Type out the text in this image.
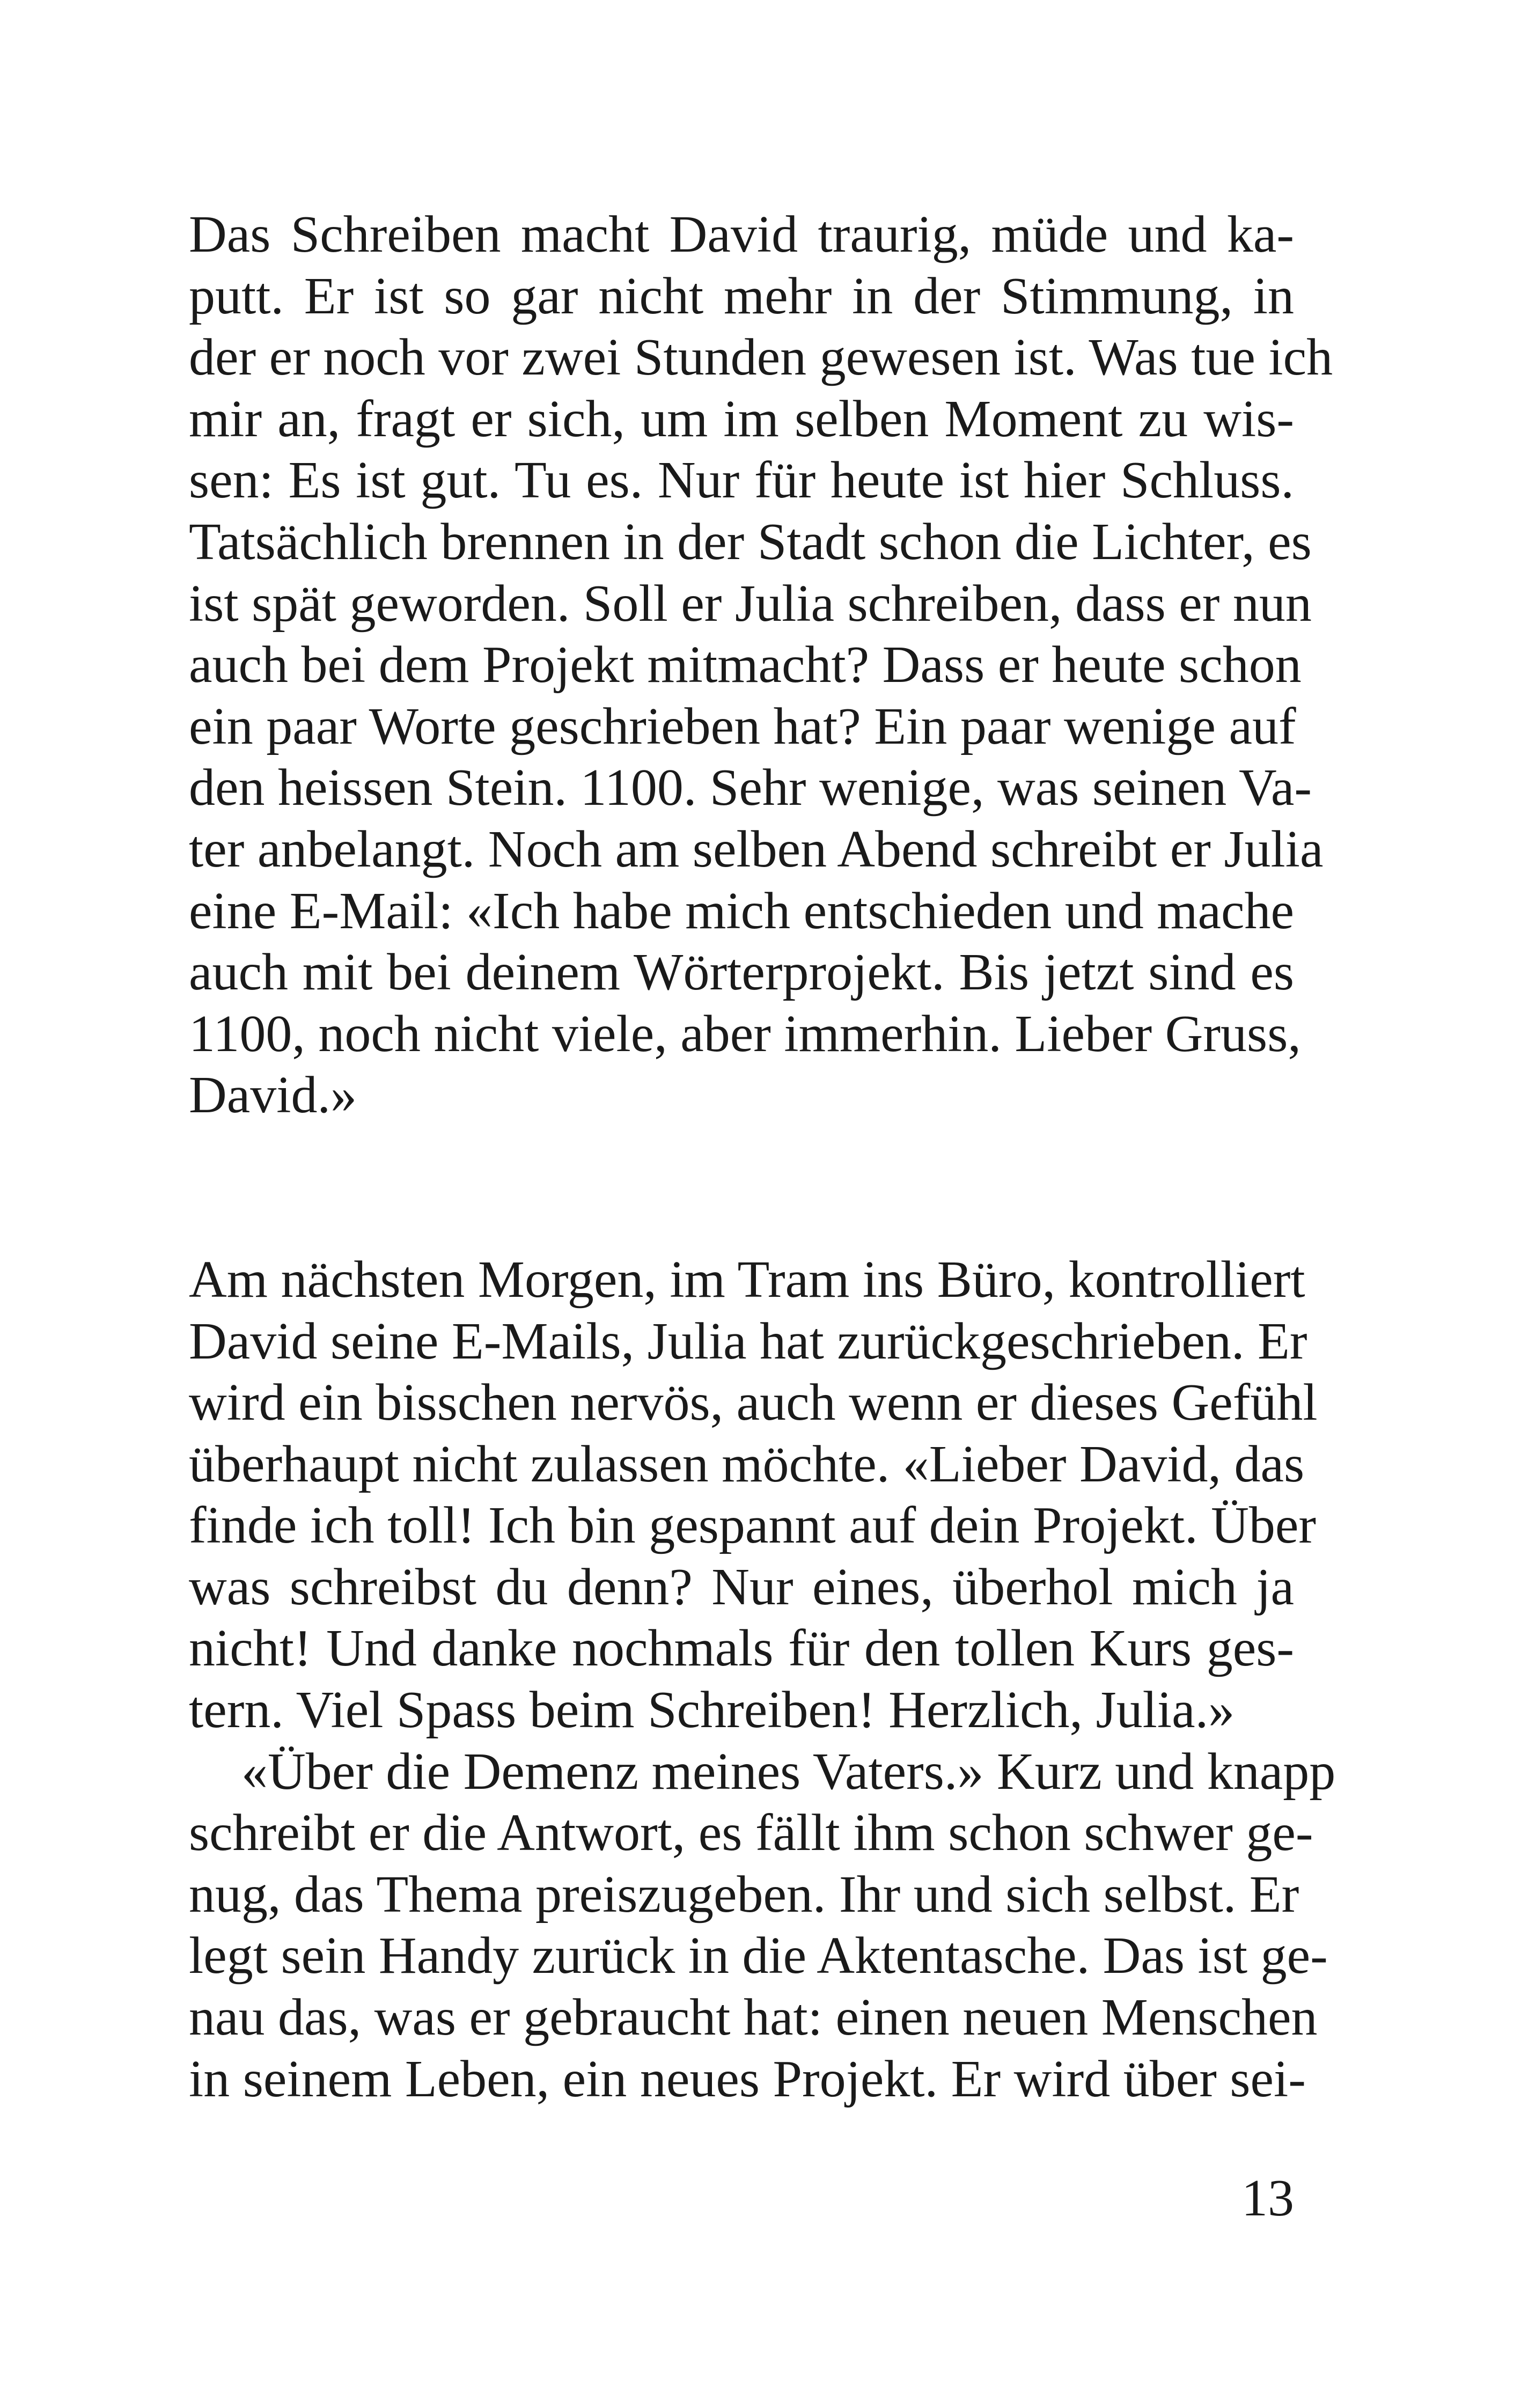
Das Schreiben macht David traurig, müde und ka-
putt. Er ist so gar nicht mehr in der Stimmung, in
der er noch vor zwei Stunden gewesen ist. Was tue ich
mir an, fragt er sich, um im selben Moment zu wis-
sen: Es ist gut. Tu es. Nur für heute ist hier Schluss.
Tatsächlich brennen in der Stadt schon die Lichter, es
ist spät geworden. Soll er Julia schreiben, dass er nun
auch bei dem Projekt mitmacht? Dass er heute schon
ein paar Worte geschrieben hat? Ein paar wenige auf
den heissen Stein. 1100. Sehr wenige, was seinen Va-
ter anbelangt. Noch am selben Abend schreibt er Julia
eine E-Mail: «Ich habe mich entschieden und mache
auch mit bei deinem Wörterprojekt. Bis jetzt sind es
1100, noch nicht viele, aber immerhin. Lieber Gruss,
David.»
Am nächsten Morgen, im Tram ins Büro, kontrolliert
David seine E-Mails, Julia hat zurückgeschrieben. Er
wird ein bisschen nervös, auch wenn er dieses Gefühl
überhaupt nicht zulassen möchte. «Lieber David, das
finde ich toll! Ich bin gespannt auf dein Projekt. Über
was schreibst du denn? Nur eines, überhol mich ja
nicht! Und danke nochmals für den tollen Kurs ges-
tern. Viel Spass beim Schreiben! Herzlich, Julia.»
«Über die Demenz meines Vaters.» Kurz und knapp
schreibt er die Antwort, es fällt ihm schon schwer ge-
nug, das Thema preiszugeben. Ihr und sich selbst. Er
legt sein Handy zurück in die Aktentasche. Das ist ge-
nau das, was er gebraucht hat: einen neuen Menschen
in seinem Leben, ein neues Projekt. Er wird über sei-
13
